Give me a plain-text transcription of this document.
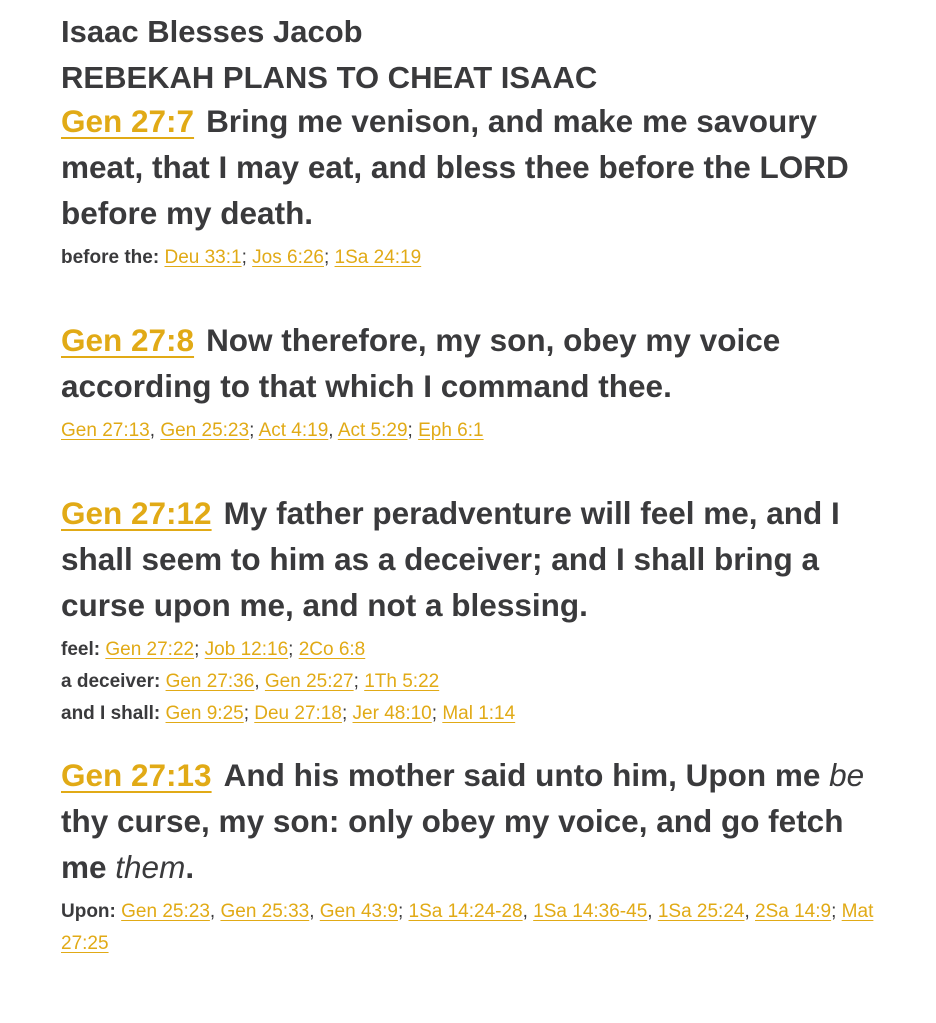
Isaac Blesses Jacob
REBEKAH PLANS TO CHEAT ISAAC

Gen 27:7 Bring me venison, and make me savoury meat, that I may eat, and bless thee before the LORD before my death.

before the: Deu 33:1; Jos 6:26; 1Sa 24:19

Gen 27:8 Now therefore, my son, obey my voice according to that which I command thee.

Gen 27:13, Gen 25:23; Act 4:19, Act 5:29; Eph 6:1

Gen 27:12 My father peradventure will feel me, and I shall seem to him as a deceiver; and I shall bring a curse upon me, and not a blessing.

feel: Gen 27:22; Job 12:16; 2Co 6:8

a deceiver: Gen 27:36, Gen 25:27; 1Th 5:22

and I shall: Gen 9:25; Deu 27:18; Jer 48:10; Mal 1:14

Gen 27:13 And his mother said unto him, Upon me be thy curse, my son: only obey my voice, and go fetch me them.

Upon: Gen 25:23, Gen 25:33, Gen 43:9; 1Sa 14:24-28, 1Sa 14:36-45, 1Sa 25:24, 2Sa 14:9; Mat 27:25
